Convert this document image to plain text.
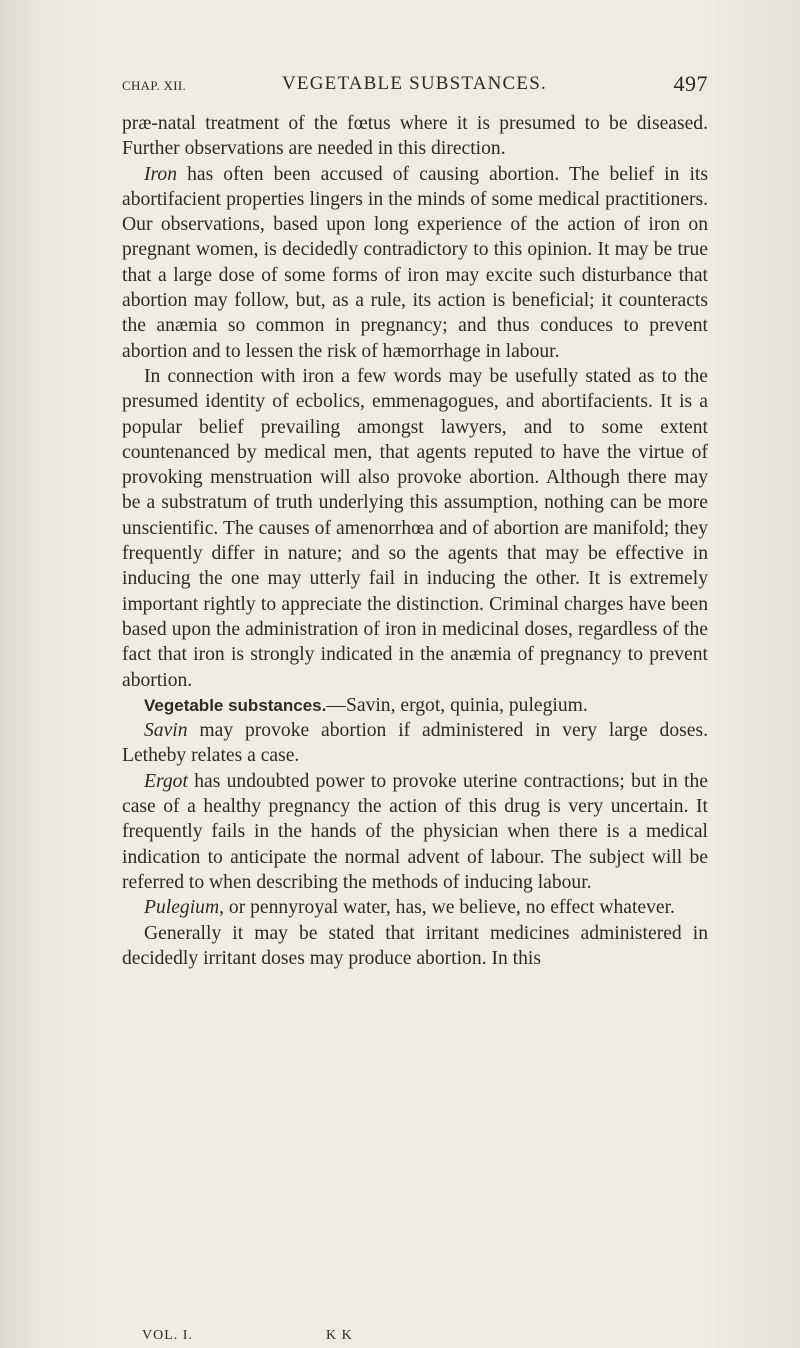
CHAP. XII.	VEGETABLE SUBSTANCES.	497

præ-natal treatment of the fœtus where it is presumed to be diseased. Further observations are needed in this direction.

Iron has often been accused of causing abortion. The belief in its abortifacient properties lingers in the minds of some medical practitioners. Our observations, based upon long experience of the action of iron on pregnant women, is decidedly contradictory to this opinion. It may be true that a large dose of some forms of iron may excite such disturbance that abortion may follow, but, as a rule, its action is beneficial; it counteracts the anæmia so common in pregnancy; and thus conduces to prevent abortion and to lessen the risk of hæmorrhage in labour.

In connection with iron a few words may be usefully stated as to the presumed identity of ecbolics, emmenagogues, and abortifacients. It is a popular belief prevailing amongst lawyers, and to some extent countenanced by medical men, that agents reputed to have the virtue of provoking menstruation will also provoke abortion. Although there may be a substratum of truth underlying this assumption, nothing can be more unscientific. The causes of amenorrhœa and of abortion are manifold; they frequently differ in nature; and so the agents that may be effective in inducing the one may utterly fail in inducing the other. It is extremely important rightly to appreciate the distinction. Criminal charges have been based upon the administration of iron in medicinal doses, regardless of the fact that iron is strongly indicated in the anæmia of pregnancy to prevent abortion.

Vegetable substances.—Savin, ergot, quinia, pulegium.

Savin may provoke abortion if administered in very large doses. Letheby relates a case.

Ergot has undoubted power to provoke uterine contractions; but in the case of a healthy pregnancy the action of this drug is very uncertain. It frequently fails in the hands of the physician when there is a medical indication to anticipate the normal advent of labour. The subject will be referred to when describing the methods of inducing labour.

Pulegium, or pennyroyal water, has, we believe, no effect whatever.

Generally it may be stated that irritant medicines administered in decidedly irritant doses may produce abortion. In this

VOL. I.	K K
